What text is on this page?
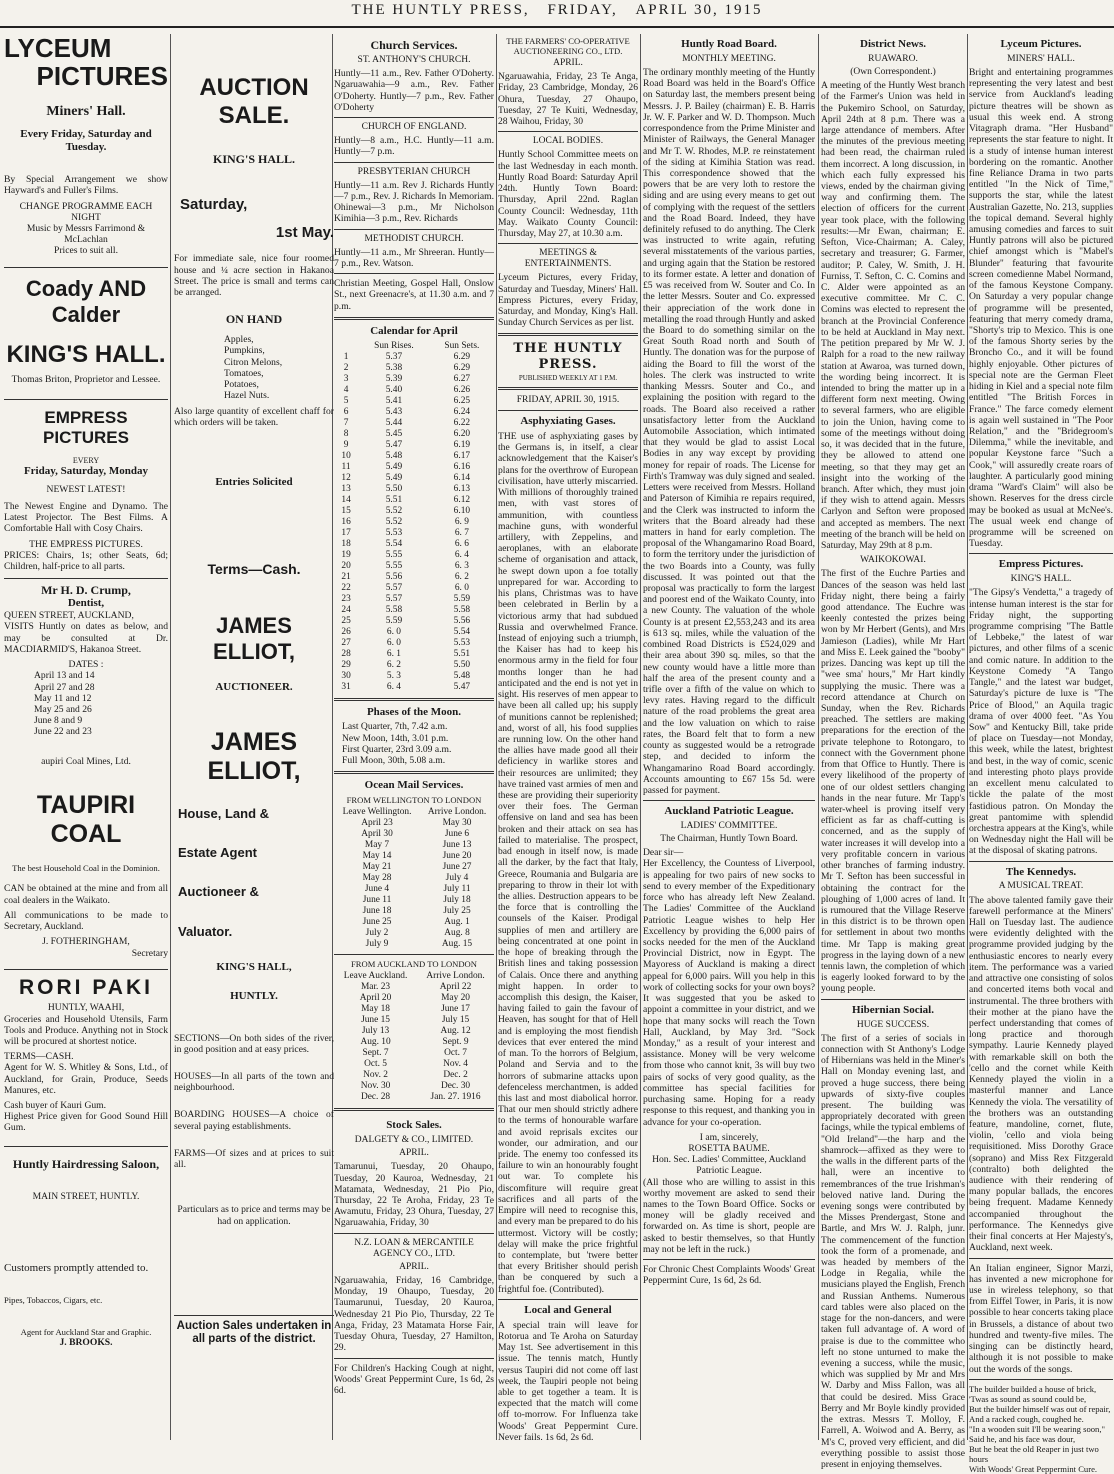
THE HUNTLY PRESS, FRIDAY, APRIL 30, 1915
LYCEUM
PICTURES
Miners' Hall.
Every Friday, Saturday and Tuesday.

By Special Arrangement we show Hayward's and Fuller's Films.

CHANGE PROGRAMME EACH NIGHT
Music by Messrs Farrimond & McLachlan
Prices to suit all.
Coady AND Calder
KING'S HALL.
Thomas Briton, Proprietor and Lessee.
EMPRESS PICTURES
EVERY
Friday, Saturday, Monday
NEWEST LATEST!

The Newest Engine and Dynamo. The Latest Projector. The Best Films. A Comfortable Hall with Cosy Chairs.

THE EMPRESS PICTURES.

PRICES: Chairs, 1s; other Seats, 6d; Children, half-price to all parts.

Mr H. D. Crump,
Dentist,
QUEEN STREET, AUCKLAND,

VISITS Huntly on dates as below, and may be consulted at Dr. MACDIARMID'S, Hakanoa Street.

DATES :
April 13 and 14
April 27 and 28
May 11 and 12
May 25 and 26
June 8 and 9
June 22 and 23
aupiri Coal Mines, Ltd.
TAUPIRI COAL
The best Household Coal in the Dominion.

CAN be obtained at the mine and from all coal dealers in the Waikato.

All communications to be made to Secretary, Auckland.

J. FOTHERINGHAM,
Secretary
RORI PAKI
HUNTLY, WAAHI,

Groceries and Household Utensils, Farm Tools and Produce. Anything not in Stock will be procured at shortest notice.

TERMS—CASH.

Agent for W. S. Whitley & Sons, Ltd., of Auckland, for Grain, Produce, Seeds Manures, etc.

Cash buyer of Kauri Gum.

Highest Price given for Good Sound Hill Gum.

Huntly Hairdressing Saloon,
MAIN STREET, HUNTLY.
Customers promptly attended to.
Pipes, Tobaccos, Cigars, etc.
Agent for Auckland Star and Graphic.
J. BROOKS.
AUCTION SALE.
KING'S HALL.
Saturday,
1st May.

For immediate sale, nice four roomed house and ¼ acre section in Hakanoa Street. The price is small and terms can be arranged.

ON HAND
Apples,
Pumpkins,
Citron Melons,
Tomatoes,
Potatoes,
Hazel Nuts.

Also large quantity of excellent chaff for which orders will be taken.

Entries Solicited
Terms—Cash.
JAMES ELLIOT,
AUCTIONEER.
JAMES ELLIOT,
House, Land &
Estate Agent
Auctioneer &
Valuator.
KING'S HALL,
HUNTLY.

SECTIONS—On both sides of the river, in good position and at easy prices.

HOUSES—In all parts of the town and neighbourhood.

BOARDING HOUSES—A choice of several paying establishments.

FARMS—Of sizes and at prices to suit all.

Particulars as to price and terms may be had on application.

Auction Sales undertaken in all parts of the district.
Church Services.
ST. ANTHONY'S CHURCH.

Huntly—11 a.m., Rev. Father O'Doherty. Ngaruawahia—9 a.m., Rev. Father O'Doherty. Huntly—7 p.m., Rev. Father O'Doherty

CHURCH OF ENGLAND.

Huntly—8 a.m., H.C. Huntly—11 a.m. Huntly—7 p.m.

PRESBYTERIAN CHURCH

Huntly—11 a.m. Rev J. Richards Huntly—7 p.m., Rev. J. Richards In Memoriam. Ohinewai—3 p.m., Mr Nicholson Kimihia—3 p.m., Rev. Richards

METHODIST CHURCH.

Huntly—11 a.m., Mr Shreeran. Huntly—7 p.m., Rev. Watson.

Christian Meeting, Gospel Hall, Onslow St., next Greenacre's, at 11.30 a.m. and 7 p.m.

Calendar for April
	Sun Rises.	Sun Sets.
1	5.37	6.29
2	5.38	6.29
3	5.39	6.27
4	5.40	6.26
5	5.41	6.25
6	5.43	6.24
7	5.44	6.22
8	5.45	6.20
9	5.47	6.19
10	5.48	6.17
11	5.49	6.16
12	5.49	6.14
13	5.50	6.13
14	5.51	6.12
15	5.52	6.10
16	5.52	6. 9
17	5.53	6. 7
18	5.54	6. 6
19	5.55	6. 4
20	5.55	6. 3
21	5.56	6. 2
22	5.57	6. 0
23	5.57	5.59
24	5.58	5.58
25	5.59	5.56
26	6. 0	5.54
27	6. 0	5.53
28	6. 1	5.51
29	6. 2	5.50
30	5. 3	5.48
31	6. 4	5.47
Phases of the Moon.
Last Quarter, 7th, 7.42 a.m.
New Moon, 14th, 3.01 p.m.
First Quarter, 23rd 3.09 a.m.
Full Moon, 30th, 5.08 a.m.
Ocean Mail Services.
FROM WELLINGTON TO LONDON
Leave Wellington.	Arrive London.
April 23	May 30
April 30	June 6
May 7	June 13
May 14	June 20
May 21	June 27
May 28	July 4
June 4	July 11
June 11	July 18
June 18	July 25
June 25	Aug. 1
July 2	Aug. 8
July 9	Aug. 15
FROM AUCKLAND TO LONDON
Leave Auckland.	Arrive London.
Mar. 23	April 22
April 20	May 20
May 18	June 17
June 15	July 15
July 13	Aug. 12
Aug. 10	Sept. 9
Sept. 7	Oct. 7
Oct. 5	Nov. 4
Nov. 2	Dec. 2
Nov. 30	Dec. 30
Dec. 28	Jan. 27. 1916
Stock Sales.
DALGETY & CO., LIMITED.
APRIL.

Tamarunui, Tuesday, 20 Ohaupo, Tuesday, 20 Kauroa, Wednesday, 21 Matamata, Wednesday, 21 Pio Pio, Thursday, 22 Te Aroha, Friday, 23 Te Awamutu, Friday, 23 Ohura, Tuesday, 27 Ngaruawahia, Friday, 30

N.Z. LOAN & MERCANTILE AGENCY CO., LTD.
APRIL.

Ngaruawahia, Friday, 16 Cambridge, Monday, 19 Ohaupo, Tuesday, 20 Taumarunui, Tuesday, 20 Kauroa, Wednesday 21 Pio Pio, Thursday, 22 Te Anga, Friday, 23 Matamata Horse Fair, Tuesday Ohura, Tuesday, 27 Hamilton, 29.

For Children's Hacking Cough at night, Woods' Great Peppermint Cure, 1s 6d, 2s 6d.

THE FARMERS' CO-OPERATIVE AUCTIONEERING CO., LTD.
APRIL.

Ngaruawahia, Friday, 23 Te Anga, Friday, 23 Cambridge, Monday, 26 Ohura, Tuesday, 27 Ohaupo, Tuesday, 27 Te Kuiti, Wednesday, 28 Waihou, Friday, 30

LOCAL BODIES.

Huntly School Committee meets on the last Wednesday in each month. Huntly Road Board: Saturday April 24th. Huntly Town Board: Thursday, April 22nd. Raglan County Council: Wednesday, 11th May. Waikato County Council: Thursday, May 27, at 10.30 a.m.

MEETINGS & ENTERTAINMENTS.

Lyceum Pictures, every Friday, Saturday and Tuesday, Miners' Hall. Empress Pictures, every Friday, Saturday, and Monday, King's Hall. Sunday Church Services as per list.

THE HUNTLY PRESS.
PUBLISHED WEEKLY AT 1 P.M.
FRIDAY, APRIL 30, 1915.
Asphyxiating Gases.

THE use of asphyxiating gases by the Germans is, in itself, a clear acknowledgement that the Kaiser's plans for the overthrow of European civilisation, have utterly miscarried. With millions of thoroughly trained men, with vast stores of ammunition, with countless machine guns, with wonderful artillery, with Zeppelins, and aeroplanes, with an elaborate scheme of organisation and attack, he swept down upon a foe totally unprepared for war. According to his plans, Christmas was to have been celebrated in Berlin by a victorious army that had subdued Russia and overwhelmed France. Instead of enjoying such a triumph, the Kaiser has had to keep his enormous army in the field for four months longer than he had anticipated and the end is not yet in sight. His reserves of men appear to have been all called up; his supply of munitions cannot be replenished; and, worst of all, his food supplies are running low. On the other hand the allies have made good all their deficiency in warlike stores and their resources are unlimited; they have trained vast armies of men and these are providing their superiority over their foes. The German offensive on land and sea has been broken and their attack on sea has failed to materialise. The prospect, bad enough in itself now, is made all the darker, by the fact that Italy, Greece, Roumania and Bulgaria are preparing to throw in their lot with the allies. Destruction appears to be the force that is controlling the counsels of the Kaiser. Prodigal supplies of men and artillery are being concentrated at one point in the hope of breaking through the British lines and taking possession of Calais. Once there and anything might happen. In order to accomplish this design, the Kaiser, having failed to gain the favour of Heaven, has sought for that of Hell and is employing the most fiendish devices that ever entered the mind of man. To the horrors of Belgium, Poland and Servia and to the horrors of submarine attacks upon defenceless merchantmen, is added this last and most diabolical horror. That our men should strictly adhere to the terms of honourable warfare and avoid reprisals excites our wonder, our admiration, and our pride. The enemy too confessed its failure to win an honourably fought out war. To complete his discomfiture will require great sacrifices and all parts of the Empire will need to recognise this, and every man be prepared to do his uttermost. Victory will be costly; delay will make the price frightful to contemplate, but 'twere better that every Britisher should perish than be conquered by such a frightful foe. (Contributed).

Local and General

A special train will leave for Rotorua and Te Aroha on Saturday May 1st. See advertisement in this issue. The tennis match, Huntly versus Taupiri did not come off last week, the Taupiri people not being able to get together a team. It is expected that the match will come off to-morrow. For Influenza take Woods' Great Peppermint Cure. Never fails. 1s 6d, 2s 6d.

Huntly Road Board.
MONTHLY MEETING.

The ordinary monthly meeting of the Huntly Road Board was held in the Board's Office on Saturday last, the members present being Messrs. J. P. Bailey (chairman) E. B. Harris Jr. W. F. Parker and W. D. Thompson. Much correspondence from the Prime Minister and Minister of Railways, the General Manager and Mr T. W. Rhodes, M.P. re reinstatement of the siding at Kimihia Station was read. This correspondence showed that the powers that be are very loth to restore the siding and are using every means to get out of complying with the request of the settlers and the Road Board. Indeed, they have definitely refused to do anything. The Clerk was instructed to write again, refuting several misstatements of the various parties, and urging again that the Station be restored to its former estate. A letter and donation of £5 was received from W. Souter and Co. In the letter Messrs. Souter and Co. expressed their appreciation of the work done in metalling the road through Huntly and asked the Board to do something similar on the Great South Road north and South of Huntly. The donation was for the purpose of aiding the Board to fill the worst of the holes. The clerk was instructed to write thanking Messrs. Souter and Co., and explaining the position with regard to the roads. The Board also received a rather unsatisfactory letter from the Auckland Automobile Association, which intimated that they would be glad to assist Local Bodies in any way except by providing money for repair of roads. The License for Firth's Tramway was duly signed and sealed. Letters were received from Messrs. Holland and Paterson of Kimihia re repairs required, and the Clerk was instructed to inform the writers that the Board already had these matters in hand for early completion. The proposal of the Whangamarino Road Board, to form the territory under the jurisdiction of the two Boards into a County, was fully discussed. It was pointed out that the proposal was practically to form the largest and poorest end of the Waikato County, into a new County. The valuation of the whole County is at present £2,553,243 and its area is 613 sq. miles, while the valuation of the combined Road Districts is £524,029 and their area about 390 sq. miles, so that the new county would have a little more than half the area of the present county and a trifle over a fifth of the value on which to levy rates. Having regard to the difficult nature of the road problems the great area and the low valuation on which to raise rates, the Board felt that to form a new county as suggested would be a retrograde step, and decided to inform the Whangamarino Road Board accordingly. Accounts amounting to £67 15s 5d. were passed for payment.

Auckland Patriotic League.
LADIES' COMMITTEE.
The Chairman, Huntly Town Board.
Dear sir—

Her Excellency, the Countess of Liverpool, is appealing for two pairs of new socks to send to every member of the Expeditionary force who has already left New Zealand. The Ladies' Committee of the Auckland Patriotic League wishes to help Her Excellency by providing the 6,000 pairs of socks needed for the men of the Auckland Provincial District, now in Egypt. The Mayoress of Auckland is making a direct appeal for 6,000 pairs. Will you help in this work of collecting socks for your own boys? It was suggested that you be asked to appoint a committee in your district, and we hope that many socks will reach the Town Hall, Auckland, by May 3rd. "Sock Monday," as a result of your interest and assistance. Money will be very welcome from those who cannot knit, 3s will buy two pairs of socks of very good quality, as the committee has special facilities for purchasing same. Hoping for a ready response to this request, and thanking you in advance for your co-operation.

I am, sincerely,
ROSETTA BAUME.
Hon. Sec. Ladies' Committee, Auckland Patriotic League.

(All those who are willing to assist in this worthy movement are asked to send their names to the Town Board Office. Socks or money will be gladly received and forwarded on. As time is short, people are asked to bestir themselves, so that Huntly may not be left in the ruck.)

For Chronic Chest Complaints Woods' Great Peppermint Cure, 1s 6d, 2s 6d.

District News.
RUAWARO.
(Own Correspondent.)

A meeting of the Huntly West branch of the Farmer's Union was held in the Pukemiro School, on Saturday, April 24th at 8 p.m. There was a large attendance of members. After the minutes of the previous meeting had been read, the chairman ruled them incorrect. A long discussion, in which each fully expressed his views, ended by the chairman giving way and confirming them. The election of officers for the current year took place, with the following results:—Mr Ewan, chairman; E. Sefton, Vice-Chairman; A. Caley, secretary and treasurer; G. Farmer, auditor; P. Caley, W. Smith, J. H. Furniss, T. Sefton, C. C. Comins and C. Alder were appointed as an executive committee. Mr C. C. Comins was elected to represent the branch at the Provincial Conference to be held at Auckland in May next. The petition prepared by Mr W. J. Ralph for a road to the new railway station at Awaroa, was turned down, the wording being incorrect. It is intended to bring the matter up in a different form next meeting. Owing to several farmers, who are eligible to join the Union, having come to some of the meetings without doing so, it was decided that in the future, they be allowed to attend one meeting, so that they may get an insight into the working of the branch. After which, they must join if they wish to attend again. Messrs Carlyon and Sefton were proposed and accepted as members. The next meeting of the branch will be held on Saturday, May 29th at 8 p.m.

WAIKOKOWAI.

The first of the Euchre Parties and Dances of the season was held last Friday night, there being a fairly good attendance. The Euchre was keenly contested the prizes being won by Mr Herbert (Gents), and Mrs Jamieson (Ladies), while Mr Hart and Miss E. Leek gained the "booby" prizes. Dancing was kept up till the "wee sma' hours," Mr Hart kindly supplying the music. There was a record attendance at Church on Sunday, when the Rev. Richards preached. The settlers are making preparations for the erection of the private telephone to Rotongaro, to connect with the Government phone from that Office to Huntly. There is every likelihood of the property of one of our oldest settlers changing hands in the near future. Mr Tapp's water-wheel is proving itself very efficient as far as chaff-cutting is concerned, and as the supply of water increases it will develop into a very profitable concern in various other branches of farming industry. Mr T. Sefton has been successful in obtaining the contract for the ploughing of 1,000 acres of land. It is rumoured that the Village Reserve in this district is to be thrown open for settlement in about two months time. Mr Tapp is making great progress in the laying down of a new tennis lawn, the completion of which is eagerly looked forward to by the young people.

Hibernian Social.
HUGE SUCCESS.

The first of a series of socials in connection with St Anthony's Lodge of Hibernians was held in the Miner's Hall on Monday evening last, and proved a huge success, there being upwards of sixty-five couples present. The building was appropriately decorated with green facings, while the typical emblems of "Old Ireland"—the harp and the shamrock—affixed as they were to the walls in the different parts of the hall, were an incentive to remembrances of the true Irishman's beloved native land. During the evening songs were contributed by the Misses Prendergast, Stone and Bartle, and Mrs W. J. Ralph, junr. The commencement of the function took the form of a promenade, and was headed by members of the Lodge in Regalia, while the musicians played the English, French and Russian Anthems. Numerous card tables were also placed on the stage for the non-dancers, and were taken full advantage of. A word of praise is due to the committee who left no stone unturned to make the evening a success, while the music, which was supplied by Mr and Mrs W. Darby and Miss Fallon, was all that could be desired. Miss Grace Berry and Mr Boyle kindly provided the extras. Messrs T. Molloy, F. Farrell, A. Woiwod and A. Berry, as M's C, proved very efficient, and did everything possible to assist those present in enjoying themselves.

Lyceum Pictures.
MINERS' HALL.

Bright and entertaining programmes representing the very latest and best service from Auckland's leading picture theatres will be shown as usual this week end. A strong Vitagraph drama. "Her Husband" represents the star feature to night. It is a study of intense human interest bordering on the romantic. Another fine Reliance Drama in two parts entitled "In the Nick of Time," supports the star, while the latest Australian Gazette, No. 213, supplies the topical demand. Several highly amusing comedies and farces to suit Huntly patrons will also be pictured chief amongst which is "Mabel's Blunder" featuring that favourite screen comedienne Mabel Normand, of the famous Keystone Company. On Saturday a very popular change of programme will be presented, featuring that merry comedy drama, "Shorty's trip to Mexico. This is one of the famous Shorty series by the Broncho Co., and it will be found highly enjoyable. Other pictures of special note are the German Fleet hiding in Kiel and a special note film entitled "The British Forces in France." The farce comedy element is again well sustained in "The Poor Relation," and the "Bridegroom's Dilemma," while the inevitable, and popular Keystone farce "Such a Cook," will assuredly create roars of laughter. A particularly good mining drama "Ward's Claim" will also be shown. Reserves for the dress circle may be booked as usual at McNee's. The usual week end change of programme will be screened on Tuesday.

Empress Pictures.
KING'S HALL.

"The Gipsy's Vendetta," a tragedy of intense human interest is the star for Friday night, the supporting programme comprising "The Battle of Lebbeke," the latest of war pictures, and other films of a scenic and comic nature. In addition to the Keystone Comedy "A Tango Tangle," and the latest war budget, Saturday's picture de luxe is "The Price of Blood," an Aquila tragic drama of over 4000 feet. "As You Sow" and Kentucky Bill, take pride of place on Tuesday—not Monday, this week, while the latest, brightest and best, in the way of comic, scenic and interesting photo plays provide an excellent menu calculated to tickle the palate of the most fastidious patron. On Monday the great pantomime with splendid orchestra appears at the King's, while on Wednesday night the Hall will be at the disposal of skating patrons.

The Kennedys.
A MUSICAL TREAT.

The above talented family gave their farewell performance at the Miners' Hall on Tuesday last. The audience were evidently delighted with the programme provided judging by the enthusiastic encores to nearly every item. The performance was a varied and attractive one consisting of solos and concerted items both vocal and instrumental. The three brothers with their mother at the piano have the perfect understanding that comes of long practice and thorough sympathy. Laurie Kennedy played with remarkable skill on both the 'cello and the cornet while Keith Kennedy played the violin in a masterful manner and Lance Kennedy the viola. The versatility of the brothers was an outstanding feature, mandoline, cornet, flute, violin, 'cello and viola being requisitioned. Miss Dorothy Grace (soprano) and Miss Rex Fitzgerald (contralto) both delighted the audience with their rendering of many popular ballads, the encores being frequent. Madame Kennedy accompanied throughout the performance. The Kennedys give their final concerts at Her Majesty's, Auckland, next week.

An Italian engineer, Signor Marzi, has invented a new microphone for use in wireless telephony, so that from Eiffel Tower, in Paris, it is now possible to hear concerts taking place in Brussels, a distance of about two hundred and twenty-five miles. The singing can be distinctly heard, although it is not possible to make out the words of the songs.

The builder builded a house of brick,
'Twas as sound as sound could be,
But the builder himself was out of repair,
And a racked cough, coughed he.
"In a wooden suit I'll be wearing soon,"
Said he, and his face was dour,
But he beat the old Reaper in just two hours
With Woods' Great Peppermint Cure.
